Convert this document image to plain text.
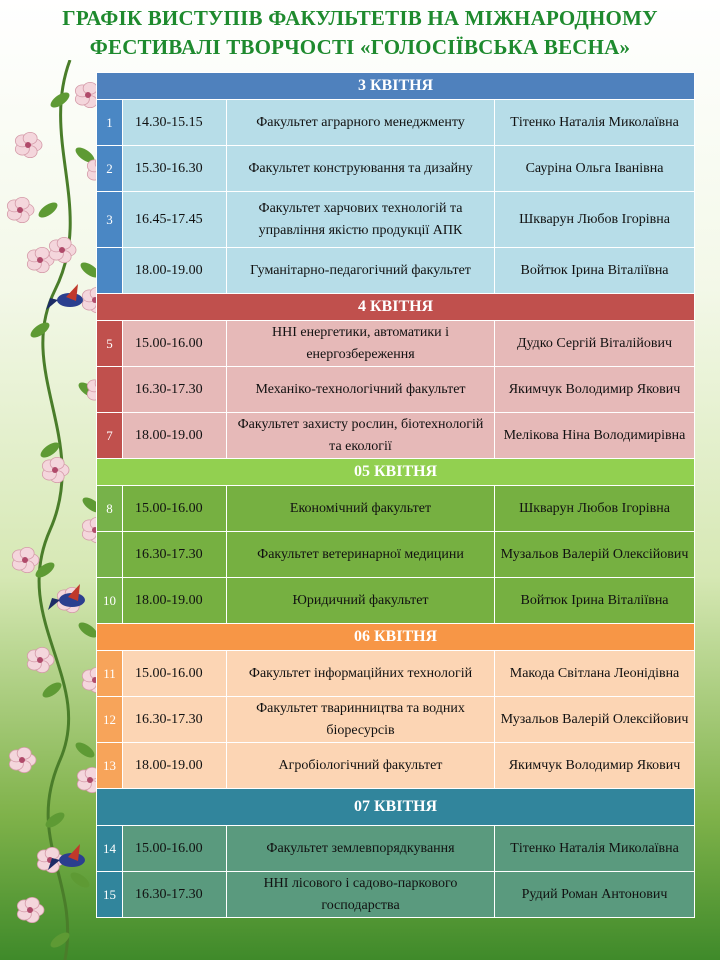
ГРАФІК ВИСТУПІВ ФАКУЛЬТЕТІВ НА МІЖНАРОДНОМУ
ФЕСТИВАЛІ ТВОРЧОСТІ «ГОЛОСІЇВСЬКА ВЕСНА»
3 КВІТНЯ			
1	14.30-15.15	Факультет аграрного менеджменту	Тітенко Наталія Миколаївна
2	15.30-16.30	Факультет конструювання та дизайну	Сауріна Ольга Іванівна
3	16.45-17.45	Факультет харчових технологій та управління якістю продукції АПК	Шкварун Любов Ігорівна
	18.00-19.00	Гуманітарно-педагогічний факультет	Войтюк Ірина Віталіївна
4 КВІТНЯ			
5	15.00-16.00	ННІ енергетики, автоматики і енергозбереження	Дудко Сергій Віталійович
	16.30-17.30	Механіко-технологічний факультет	Якимчук Володимир Якович
7	18.00-19.00	Факультет захисту рослин, біотехнологій та екології	Мелікова Ніна Володимирівна
05 КВІТНЯ			
8	15.00-16.00	Економічний факультет	Шкварун Любов Ігорівна
	16.30-17.30	Факультет ветеринарної медицини	Музальов Валерій Олексійович
10	18.00-19.00	Юридичний факультет	Войтюк Ірина Віталіївна
06 КВІТНЯ			
11	15.00-16.00	Факультет інформаційних технологій	Макода Світлана Леонідівна
12	16.30-17.30	Факультет тваринництва та водних біоресурсів	Музальов Валерій Олексійович
13	18.00-19.00	Агробіологічний факультет	Якимчук Володимир Якович
07 КВІТНЯ			
14	15.00-16.00	Факультет землевпорядкування	Тітенко Наталія Миколаївна
15	16.30-17.30	ННІ лісового і садово-паркового господарства	Рудий Роман Антонович
